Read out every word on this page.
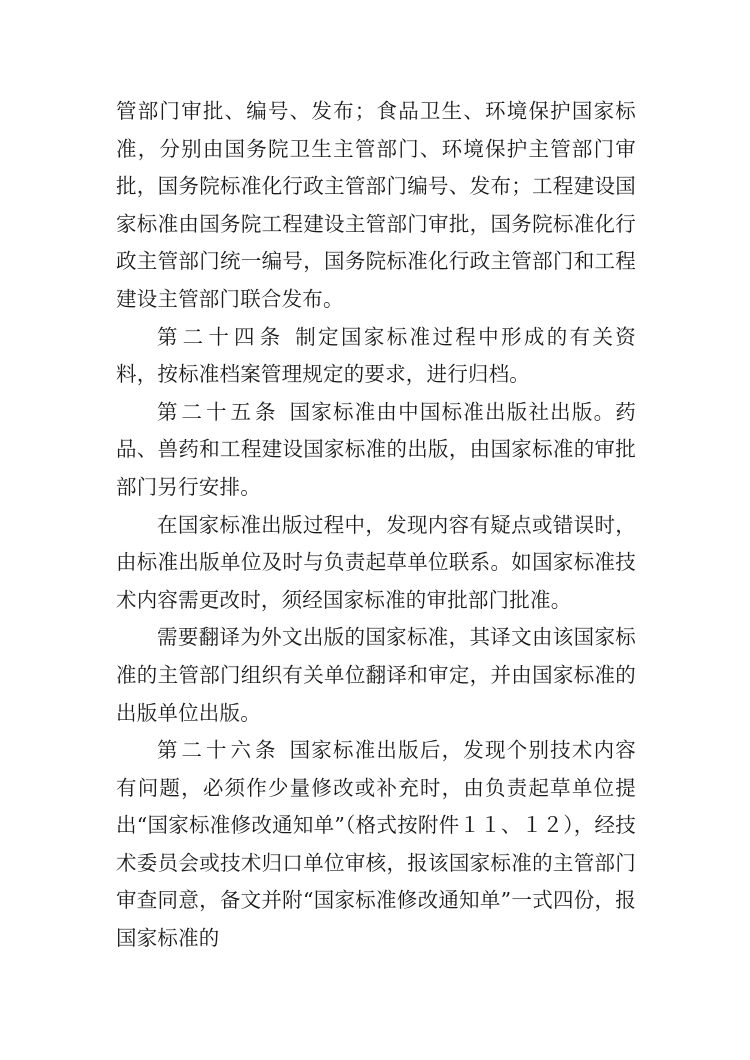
管部门审批、编号、发布；食品卫生、环境保护国家标准，分别由国务院卫生主管部门、环境保护主管部门审批，国务院标准化行政主管部门编号、发布；工程建设国家标准由国务院工程建设主管部门审批，国务院标准化行政主管部门统一编号，国务院标准化行政主管部门和工程建设主管部门联合发布。

第二十四条 制定国家标准过程中形成的有关资料，按标准档案管理规定的要求，进行归档。

第二十五条 国家标准由中国标准出版社出版。药品、兽药和工程建设国家标准的出版，由国家标准的审批部门另行安排。

在国家标准出版过程中，发现内容有疑点或错误时，由标准出版单位及时与负责起草单位联系。如国家标准技术内容需更改时，须经国家标准的审批部门批准。

需要翻译为外文出版的国家标准，其译文由该国家标准的主管部门组织有关单位翻译和审定，并由国家标准的出版单位出版。

第二十六条 国家标准出版后，发现个别技术内容有问题，必须作少量修改或补充时，由负责起草单位提出“国家标准修改通知单”（格式按附件１１、１２），经技术委员会或技术归口单位审核，报该国家标准的主管部门审查同意，备文并附“国家标准修改通知单”一式四份，报国家标准的
